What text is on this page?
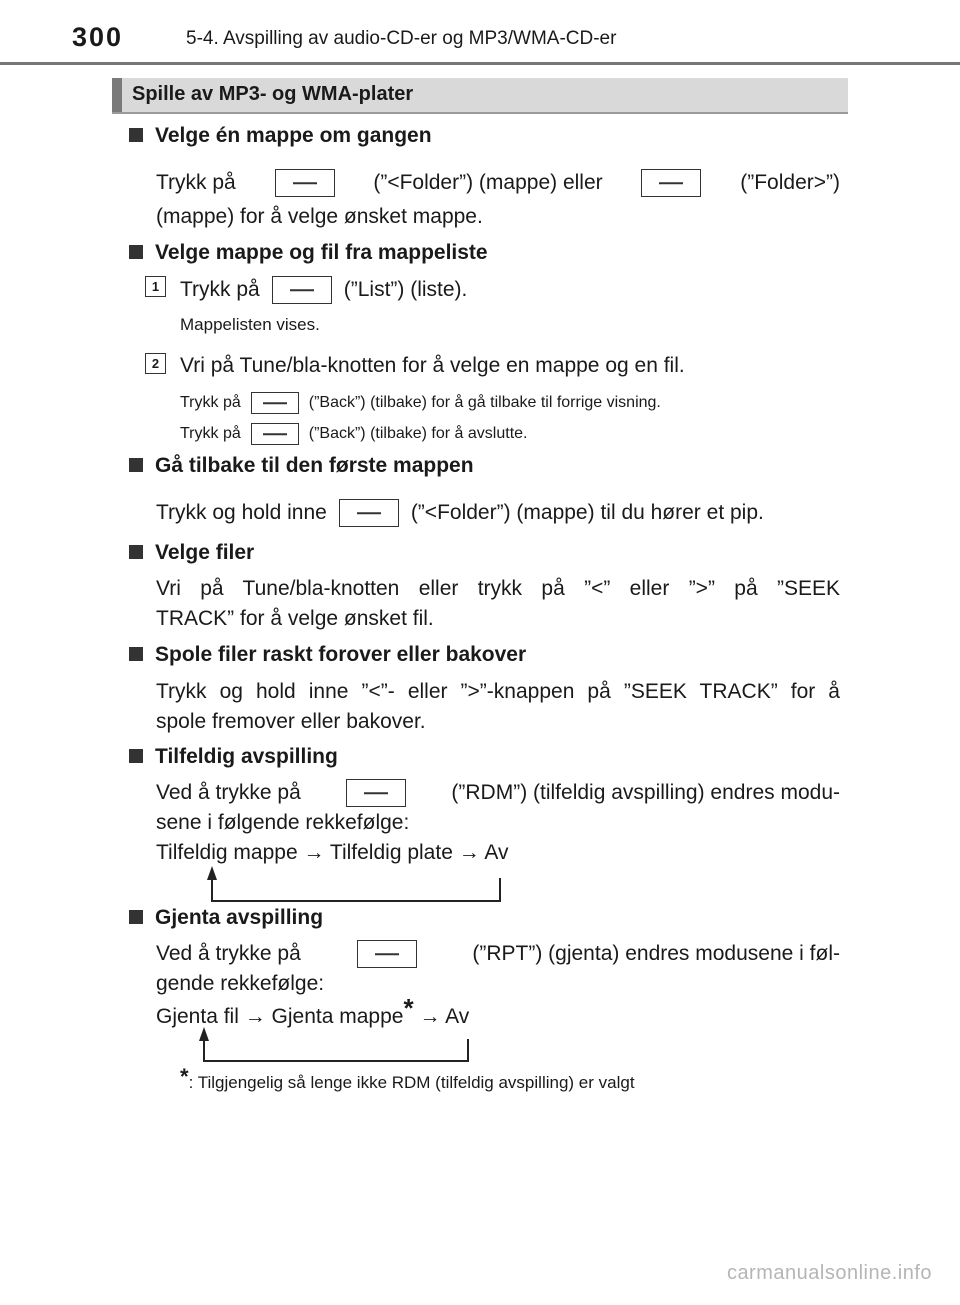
300	5-4. Avspilling av audio-CD-er og MP3/WMA-CD-er
Spille av MP3- og WMA-plater
Velge én mappe om gangen
Trykk på	(”<Folder”) (mappe) eller	(”Folder>”)
(mappe) for å velge ønsket mappe.
Velge mappe og fil fra mappeliste
1 Trykk på	(”List”) (liste).
Mappelisten vises.
2 Vri på Tune/bla-knotten for å velge en mappe og en fil.
Trykk på	(”Back”) (tilbake) for å gå tilbake til forrige visning.
Trykk på	(”Back”) (tilbake) for å avslutte.
Gå tilbake til den første mappen
Trykk og hold inne	(”<Folder”) (mappe) til du hører et pip.
Velge filer
Vri på Tune/bla-knotten eller trykk på ”<” eller ”>” på ”SEEK
TRACK” for å velge ønsket fil.
Spole filer raskt forover eller bakover
Trykk og hold inne ”<”- eller ”>”-knappen på ”SEEK TRACK” for å
spole fremover eller bakover.
Tilfeldig avspilling
Ved å trykke på	(”RDM”) (tilfeldig avspilling) endres modu-
sene i følgende rekkefølge:
Tilfeldig mappe → Tilfeldig plate → Av
Gjenta avspilling
Ved å trykke på	(”RPT”) (gjenta) endres modusene i føl-
gende rekkefølge:
Gjenta fil → Gjenta mappe* → Av
*: Tilgjengelig så lenge ikke RDM (tilfeldig avspilling) er valgt
carmanualsonline.info
